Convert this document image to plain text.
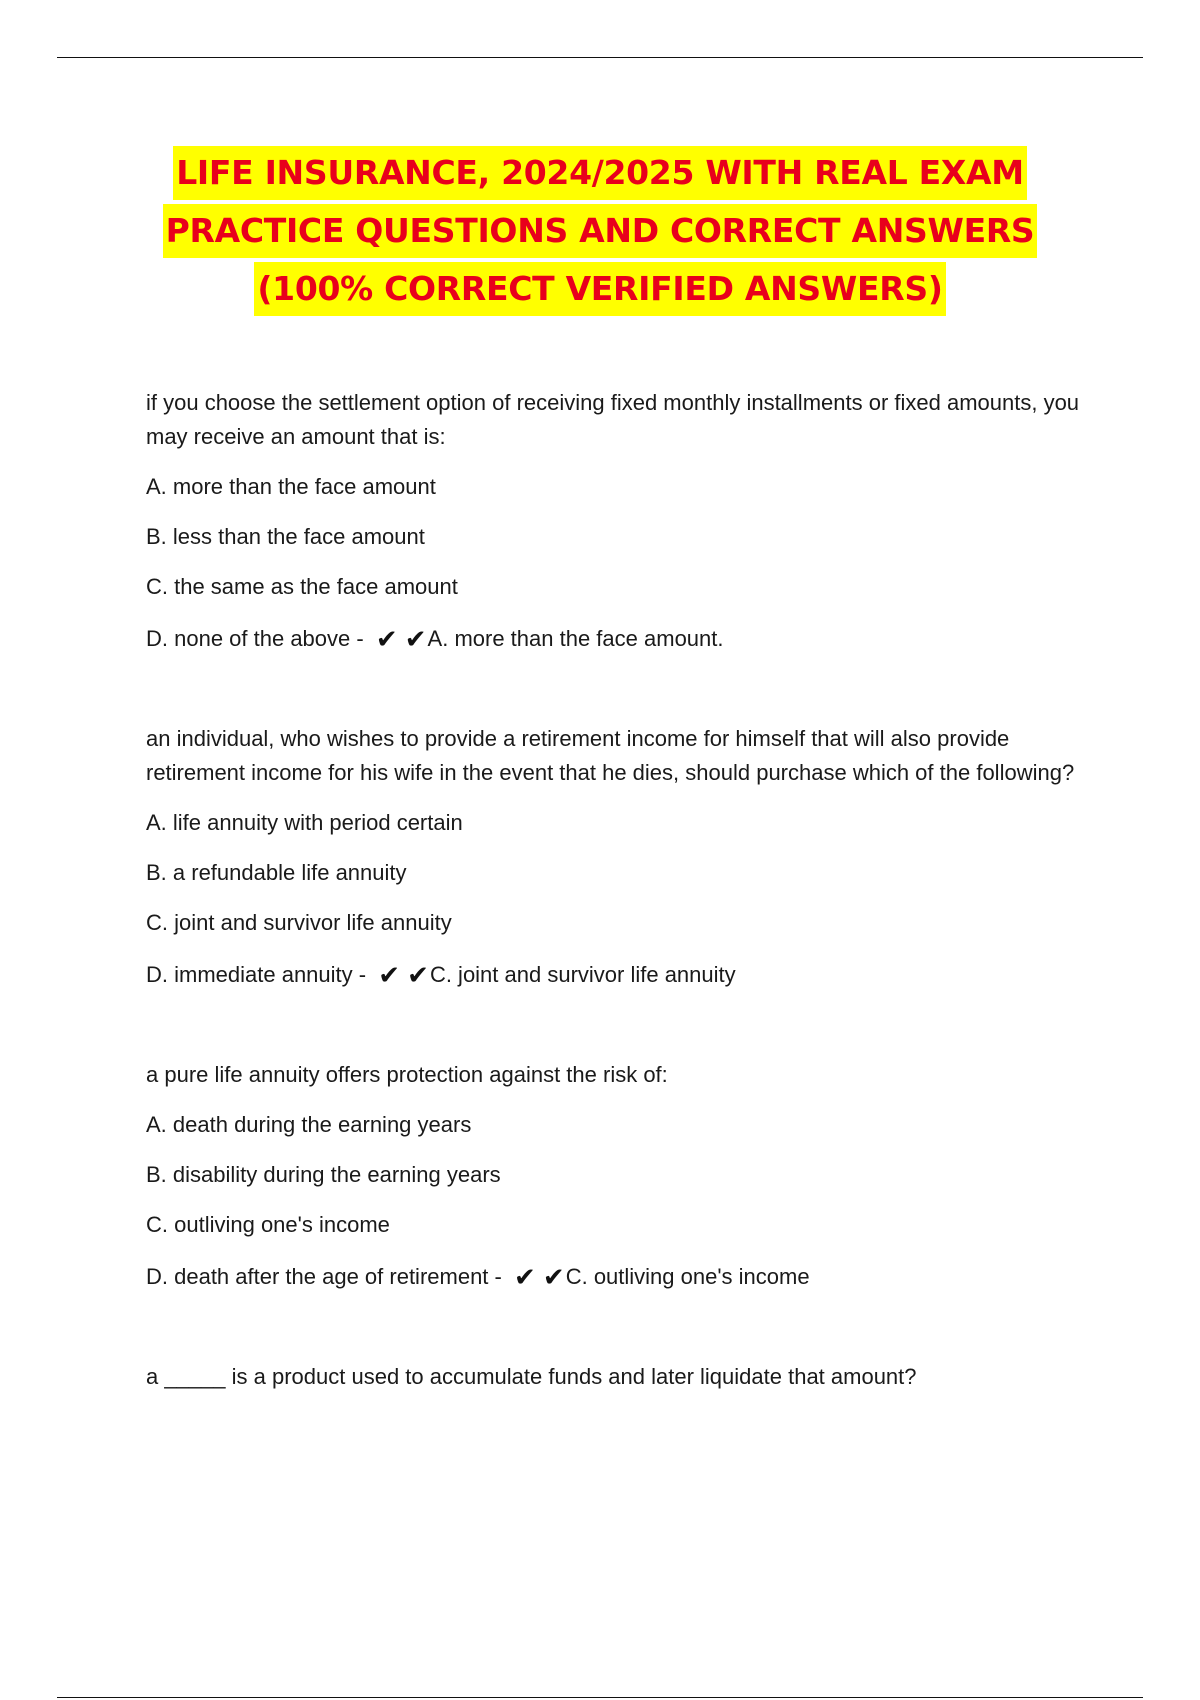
LIFE INSURANCE, 2024/2025 WITH REAL EXAM
PRACTICE QUESTIONS AND CORRECT ANSWERS
(100% CORRECT VERIFIED ANSWERS)

if you choose the settlement option of receiving fixed monthly installments or fixed amounts, you may receive an amount that is:

A. more than the face amount
B. less than the face amount
C. the same as the face amount
D. none of the above - ✔ ✔A. more than the face amount.

an individual, who wishes to provide a retirement income for himself that will also provide retirement income for his wife in the event that he dies, should purchase which of the following?

A. life annuity with period certain
B. a refundable life annuity
C. joint and survivor life annuity
D. immediate annuity - ✔ ✔C. joint and survivor life annuity

a pure life annuity offers protection against the risk of:

A. death during the earning years
B. disability during the earning years
C. outliving one's income
D. death after the age of retirement - ✔ ✔C. outliving one's income

a _____ is a product used to accumulate funds and later liquidate that amount?
